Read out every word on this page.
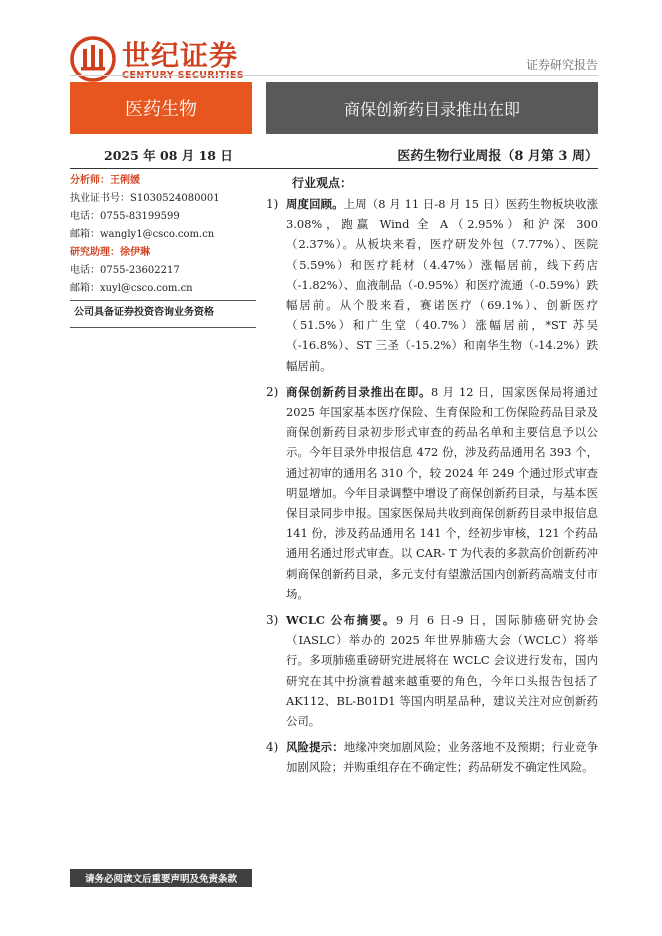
世纪证券
CENTURY SECURITIES
证券研究报告
医药生物	商保创新药目录推出在即
2025 年 08 月 18 日	医药生物行业周报（8 月第 3 周）
分析师：王俐媛
执业证书号：S1030524080001
电话：0755-83199599
邮箱：wangly1@csco.com.cn
研究助理：徐伊琳
电话：0755-23602217
邮箱：xuyl@csco.com.cn
公司具备证券投资咨询业务资格
行业观点：
1) 周度回顾。上周（8 月 11 日-8 月 15 日）医药生物板块收涨 3.08%，跑赢 Wind 全 A（2.95%）和沪深 300（2.37%）。从板块来看，医疗研发外包（7.77%）、医院（5.59%）和医疗耗材（4.47%）涨幅居前，线下药店（-1.82%）、血液制品（-0.95%）和医疗流通（-0.59%）跌幅居前。从个股来看，赛诺医疗（69.1%）、创新医疗（51.5%）和广生堂（40.7%）涨幅居前，*ST 苏吴（-16.8%）、ST 三圣（-15.2%）和南华生物（-14.2%）跌幅居前。
2) 商保创新药目录推出在即。8 月 12 日，国家医保局将通过 2025 年国家基本医疗保险、生育保险和工伤保险药品目录及商保创新药目录初步形式审查的药品名单和主要信息予以公示。今年目录外申报信息 472 份，涉及药品通用名 393 个，通过初审的通用名 310 个，较 2024 年 249 个通过形式审查明显增加。今年目录调整中增设了商保创新药目录，与基本医保目录同步申报。国家医保局共收到商保创新药目录申报信息 141 份，涉及药品通用名 141 个，经初步审核，121 个药品通用名通过形式审查。以 CAR- T 为代表的多款高价创新药冲刺商保创新药目录，多元支付有望激活国内创新药高端支付市场。
3) WCLC 公布摘要。9 月 6 日-9 日，国际肺癌研究协会（IASLC）举办的 2025 年世界肺癌大会（WCLC）将举行。多项肺癌重磅研究进展将在 WCLC 会议进行发布，国内研究在其中扮演着越来越重要的角色，今年口头报告包括了 AK112、BL-B01D1 等国内明星品种，建议关注对应创新药公司。
4) 风险提示：地缘冲突加剧风险；业务落地不及预期；行业竞争加剧风险；并购重组存在不确定性；药品研发不确定性风险。
请务必阅读文后重要声明及免责条款
